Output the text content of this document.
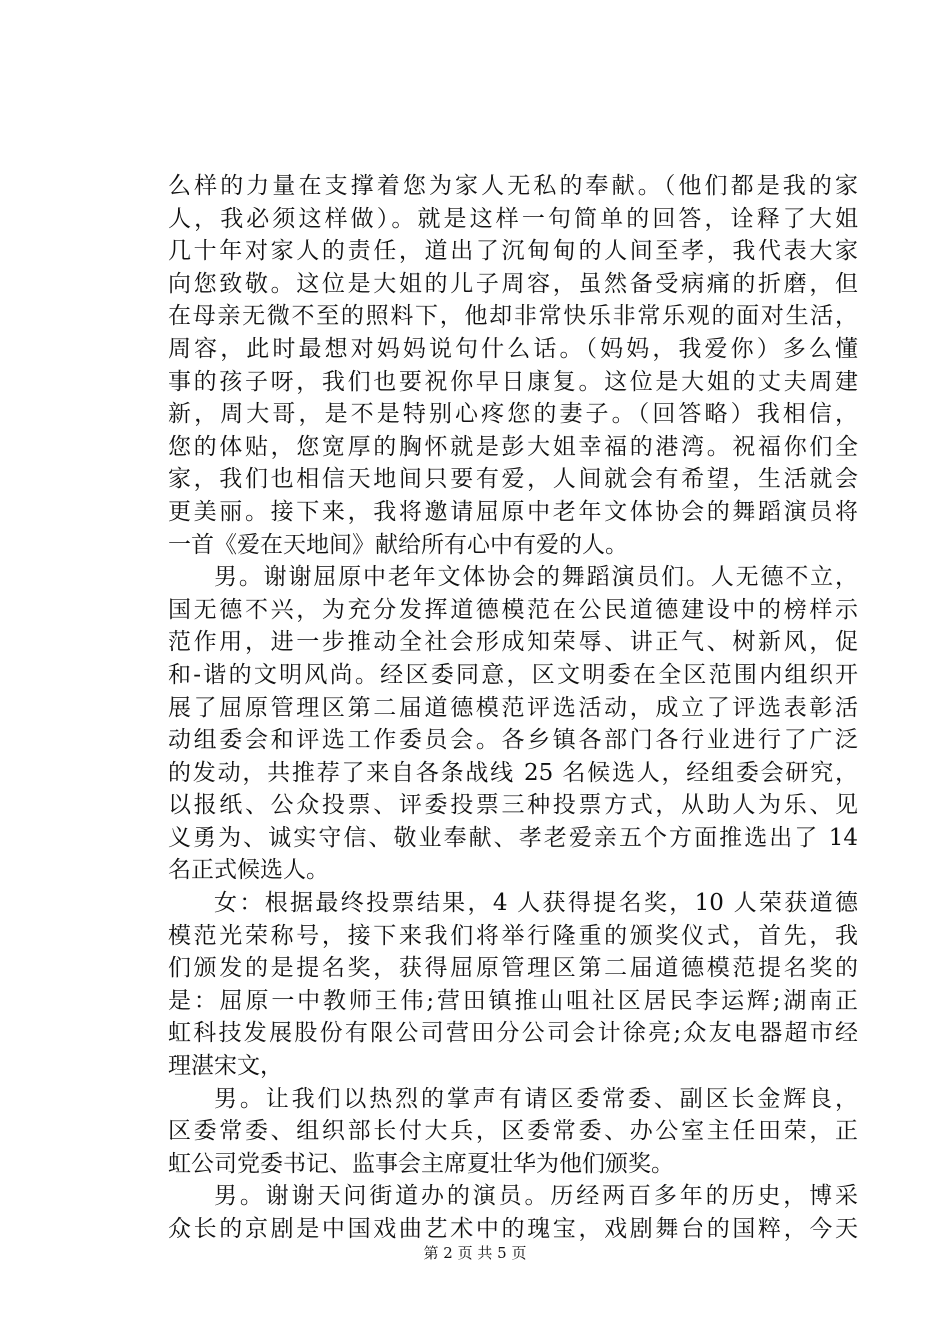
么样的力量在支撑着您为家人无私的奉献。（他们都是我的家
人，我必须这样做）。就是这样一句简单的回答，诠释了大姐
几十年对家人的责任，道出了沉甸甸的人间至孝，我代表大家
向您致敬。这位是大姐的儿子周容，虽然备受病痛的折磨，但
在母亲无微不至的照料下，他却非常快乐非常乐观的面对生活，
周容，此时最想对妈妈说句什么话。（妈妈，我爱你）多么懂
事的孩子呀，我们也要祝你早日康复。这位是大姐的丈夫周建
新，周大哥，是不是特别心疼您的妻子。（回答略）我相信，
您的体贴，您宽厚的胸怀就是彭大姐幸福的港湾。祝福你们全
家，我们也相信天地间只要有爱，人间就会有希望，生活就会
更美丽。接下来，我将邀请屈原中老年文体协会的舞蹈演员将
一首《爱在天地间》献给所有心中有爱的人。
男。谢谢屈原中老年文体协会的舞蹈演员们。人无德不立，
国无德不兴，为充分发挥道德模范在公民道德建设中的榜样示
范作用，进一步推动全社会形成知荣辱、讲正气、树新风，促
和-谐的文明风尚。经区委同意，区文明委在全区范围内组织开
展了屈原管理区第二届道德模范评选活动，成立了评选表彰活
动组委会和评选工作委员会。各乡镇各部门各行业进行了广泛
的发动，共推荐了来自各条战线 25 名候选人，经组委会研究，
以报纸、公众投票、评委投票三种投票方式，从助人为乐、见
义勇为、诚实守信、敬业奉献、孝老爱亲五个方面推选出了 14
名正式候选人。
女：根据最终投票结果，4 人获得提名奖，10 人荣获道德
模范光荣称号，接下来我们将举行隆重的颁奖仪式，首先，我
们颁发的是提名奖，获得屈原管理区第二届道德模范提名奖的
是：屈原一中教师王伟;营田镇推山咀社区居民李运辉;湖南正
虹科技发展股份有限公司营田分公司会计徐亮;众友电器超市经
理湛宋文，
男。让我们以热烈的掌声有请区委常委、副区长金辉良，
区委常委、组织部长付大兵，区委常委、办公室主任田荣，正
虹公司党委书记、监事会主席夏壮华为他们颁奖。
男。谢谢天问街道办的演员。历经两百多年的历史，博采
众长的京剧是中国戏曲艺术中的瑰宝，戏剧舞台的国粹，今天
第 2 页 共 5 页
